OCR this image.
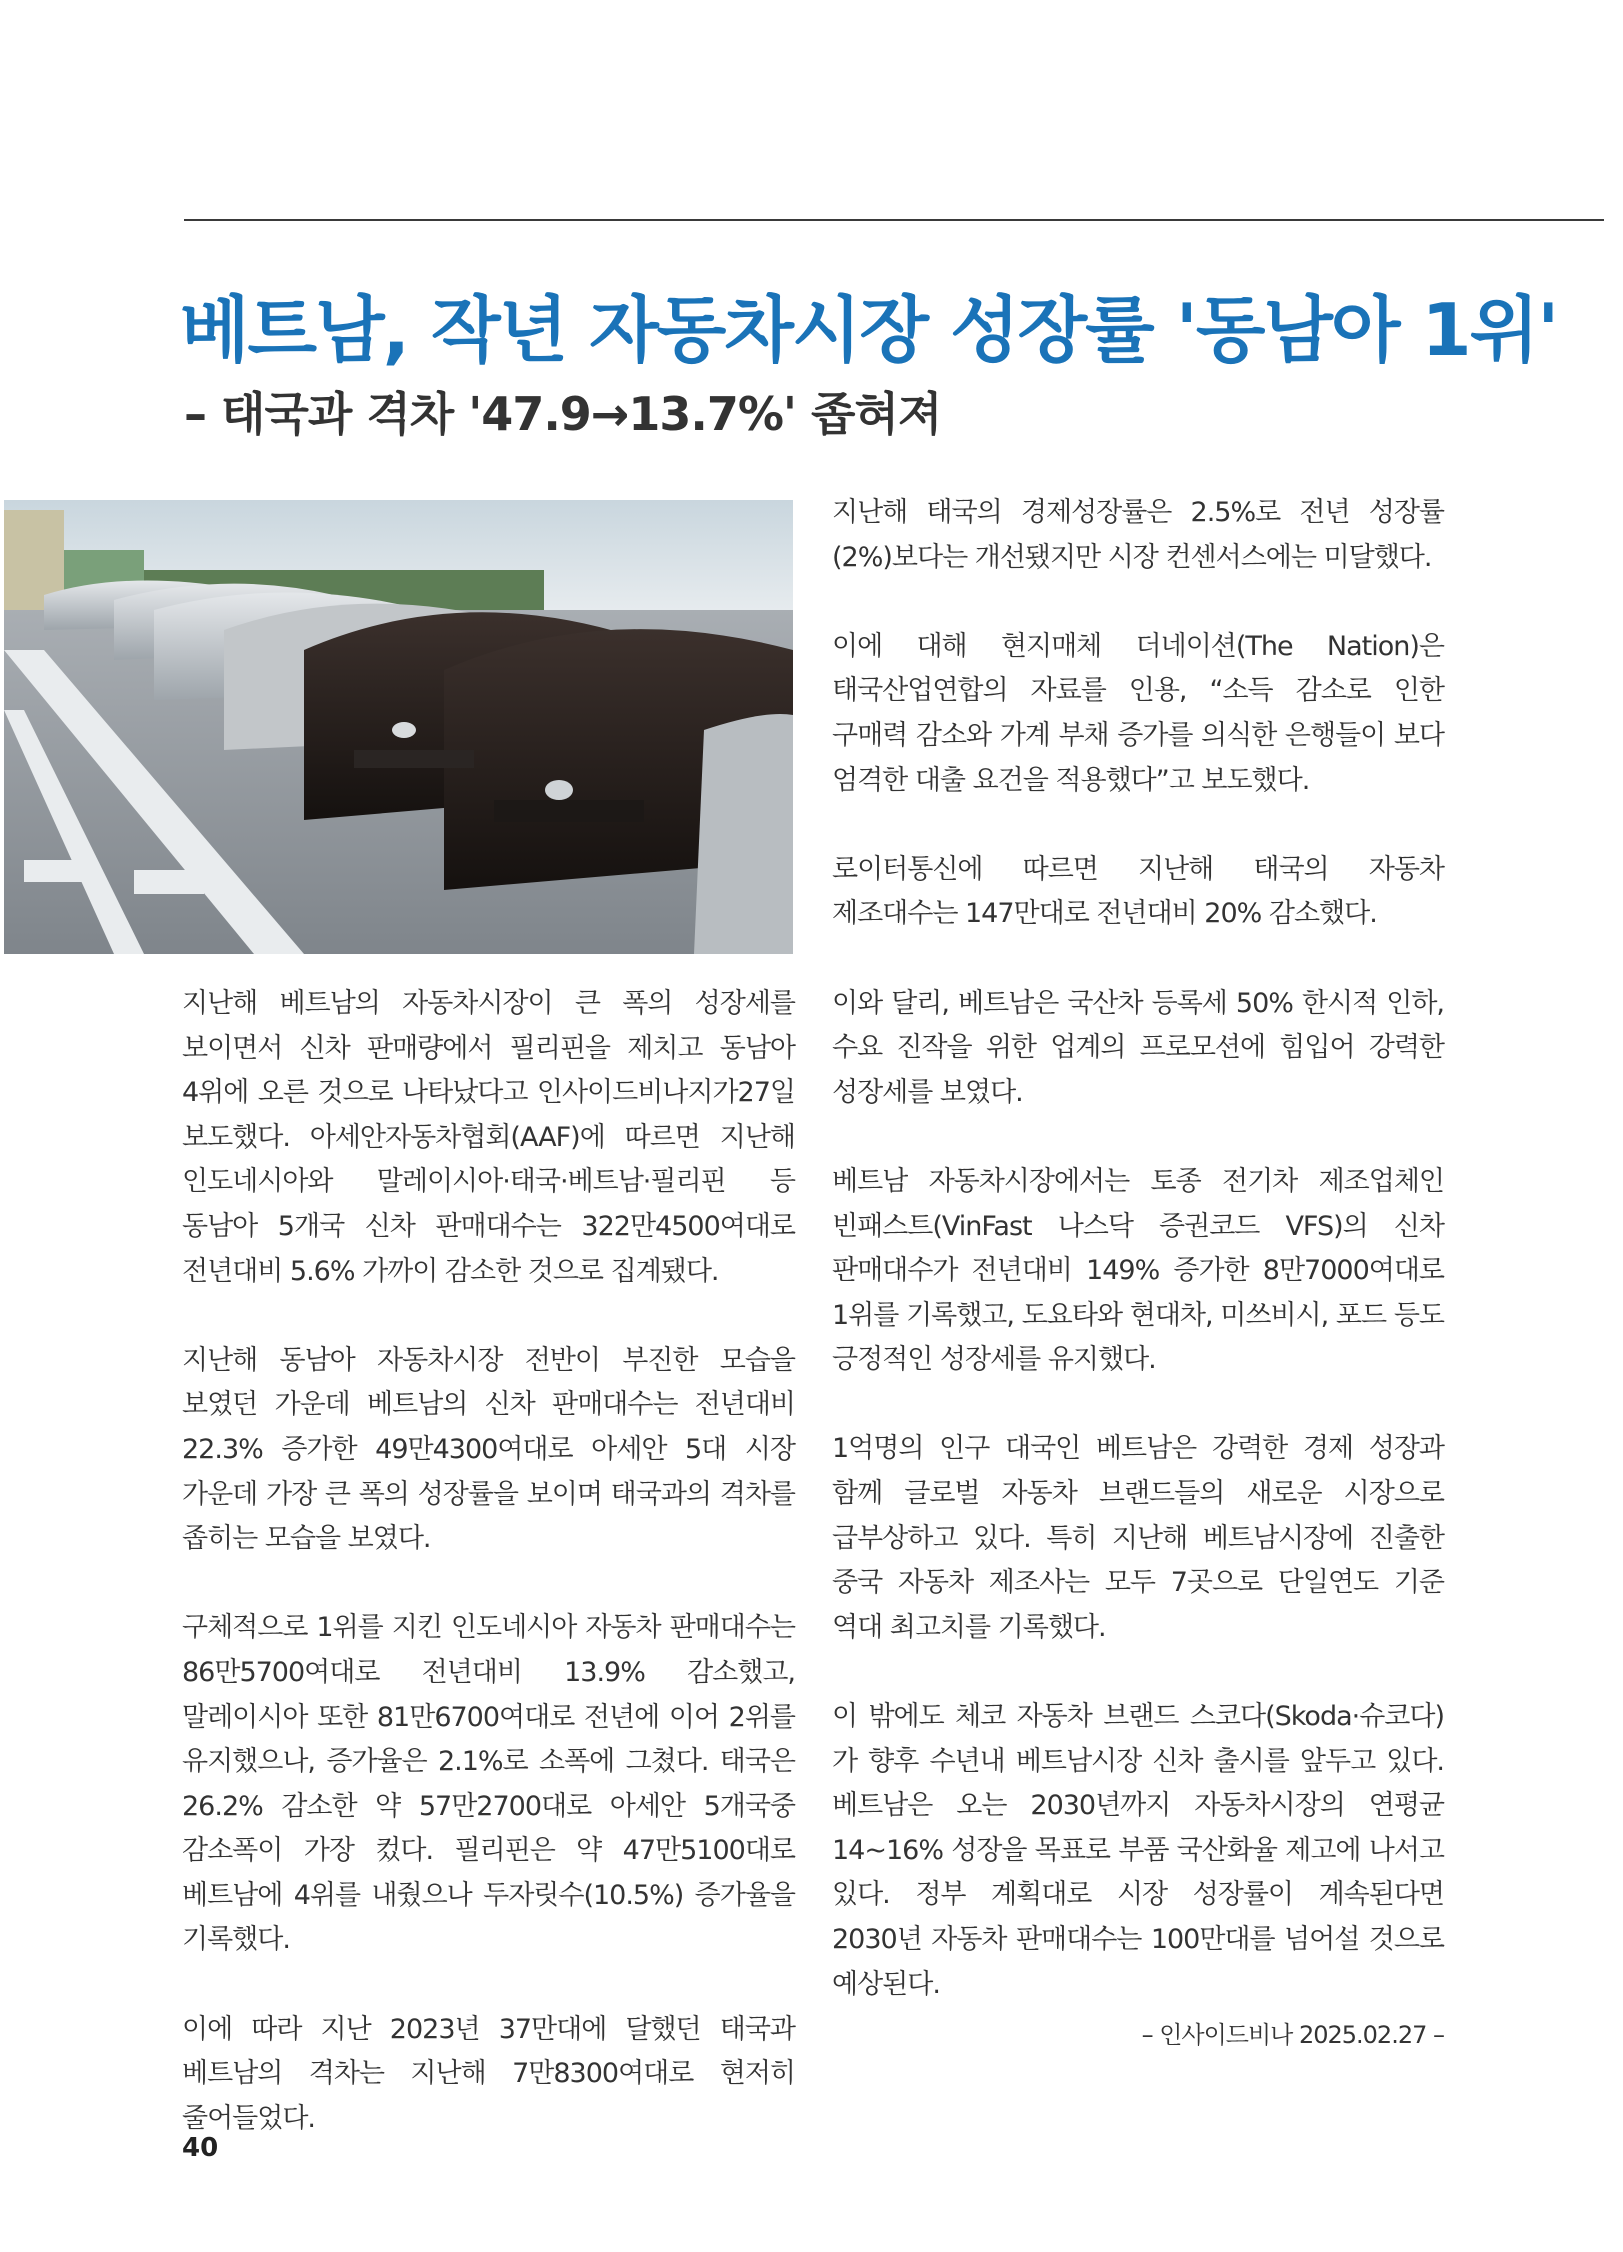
베트남, 작년 자동차시장 성장률 '동남아 1위'
– 태국과 격차 '47.9→13.7%' 좁혀져

지난해 베트남의 자동차시장이 큰 폭의 성장세를 보이면서 신차 판매량에서 필리핀을 제치고 동남아 4위에 오른 것으로 나타났다고 인사이드비나지가27일 보도했다. 아세안자동차협회(AAF)에 따르면 지난해 인도네시아와 말레이시아·태국·베트남·필리핀 등 동남아 5개국 신차 판매대수는 322만4500여대로 전년대비 5.6% 가까이 감소한 것으로 집계됐다.

지난해 동남아 자동차시장 전반이 부진한 모습을 보였던 가운데 베트남의 신차 판매대수는 전년대비 22.3% 증가한 49만4300여대로 아세안 5대 시장 가운데 가장 큰 폭의 성장률을 보이며 태국과의 격차를 좁히는 모습을 보였다.

구체적으로 1위를 지킨 인도네시아 자동차 판매대수는 86만5700여대로 전년대비 13.9% 감소했고, 말레이시아 또한 81만6700여대로 전년에 이어 2위를 유지했으나, 증가율은 2.1%로 소폭에 그쳤다. 태국은 26.2% 감소한 약 57만2700대로 아세안 5개국중 감소폭이 가장 컸다. 필리핀은 약 47만5100대로 베트남에 4위를 내줬으나 두자릿수(10.5%) 증가율을 기록했다.

이에 따라 지난 2023년 37만대에 달했던 태국과 베트남의 격차는 지난해 7만8300여대로 현저히 줄어들었다.

지난해 태국의 경제성장률은 2.5%로 전년 성장률(2%)보다는 개선됐지만 시장 컨센서스에는 미달했다.

이에 대해 현지매체 더네이션(The Nation)은 태국산업연합의 자료를 인용, “소득 감소로 인한 구매력 감소와 가계 부채 증가를 의식한 은행들이 보다 엄격한 대출 요건을 적용했다”고 보도했다.

로이터통신에 따르면 지난해 태국의 자동차 제조대수는 147만대로 전년대비 20% 감소했다.

이와 달리, 베트남은 국산차 등록세 50% 한시적 인하, 수요 진작을 위한 업계의 프로모션에 힘입어 강력한 성장세를 보였다.

베트남 자동차시장에서는 토종 전기차 제조업체인 빈패스트(VinFast 나스닥 증권코드 VFS)의 신차 판매대수가 전년대비 149% 증가한 8만7000여대로 1위를 기록했고, 도요타와 현대차, 미쓰비시, 포드 등도 긍정적인 성장세를 유지했다.

1억명의 인구 대국인 베트남은 강력한 경제 성장과 함께 글로벌 자동차 브랜드들의 새로운 시장으로 급부상하고 있다. 특히 지난해 베트남시장에 진출한 중국 자동차 제조사는 모두 7곳으로 단일연도 기준 역대 최고치를 기록했다.

이 밖에도 체코 자동차 브랜드 스코다(Skoda·슈코다)가 향후 수년내 베트남시장 신차 출시를 앞두고 있다. 베트남은 오는 2030년까지 자동차시장의 연평균 14~16% 성장을 목표로 부품 국산화율 제고에 나서고 있다. 정부 계획대로 시장 성장률이 계속된다면 2030년 자동차 판매대수는 100만대를 넘어설 것으로 예상된다.

– 인사이드비나 2025.02.27 –
40
